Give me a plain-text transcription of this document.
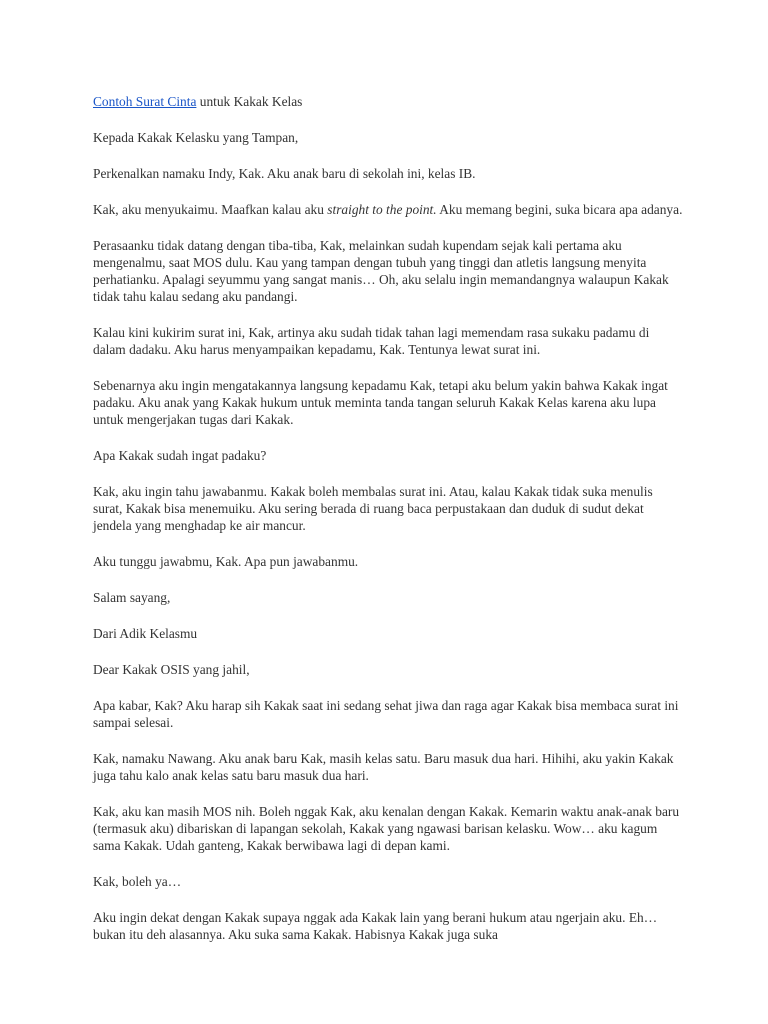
Contoh Surat Cinta untuk Kakak Kelas

Kepada Kakak Kelasku yang Tampan,

Perkenalkan namaku Indy, Kak. Aku anak baru di sekolah ini, kelas IB.

Kak, aku menyukaimu. Maafkan kalau aku straight to the point. Aku memang begini, suka bicara apa adanya.

Perasaanku tidak datang dengan tiba-tiba, Kak, melainkan sudah kupendam sejak kali pertama aku mengenalmu, saat MOS dulu. Kau yang tampan dengan tubuh yang tinggi dan atletis langsung menyita perhatianku. Apalagi seyummu yang sangat manis… Oh, aku selalu ingin memandangnya walaupun Kakak tidak tahu kalau sedang aku pandangi.

Kalau kini kukirim surat ini, Kak, artinya aku sudah tidak tahan lagi memendam rasa sukaku padamu di dalam dadaku. Aku harus menyampaikan kepadamu, Kak. Tentunya lewat surat ini.

Sebenarnya aku ingin mengatakannya langsung kepadamu Kak, tetapi aku belum yakin bahwa Kakak ingat padaku. Aku anak yang Kakak hukum untuk meminta tanda tangan seluruh Kakak Kelas karena aku lupa untuk mengerjakan tugas dari Kakak.

Apa Kakak sudah ingat padaku?

Kak, aku ingin tahu jawabanmu. Kakak boleh membalas surat ini. Atau, kalau Kakak tidak suka menulis surat, Kakak bisa menemuiku. Aku sering berada di ruang baca perpustakaan dan duduk di sudut dekat jendela yang menghadap ke air mancur.

Aku tunggu jawabmu, Kak. Apa pun jawabanmu.

Salam sayang,

Dari Adik Kelasmu

Dear Kakak OSIS yang jahil,

Apa kabar, Kak? Aku harap sih Kakak saat ini sedang sehat jiwa dan raga agar Kakak bisa membaca surat ini sampai selesai.

Kak, namaku Nawang. Aku anak baru Kak, masih kelas satu. Baru masuk dua hari. Hihihi, aku yakin Kakak juga tahu kalo anak kelas satu baru masuk dua hari.

Kak, aku kan masih MOS nih. Boleh nggak Kak, aku kenalan dengan Kakak. Kemarin waktu anak-anak baru (termasuk aku) dibariskan di lapangan sekolah, Kakak yang ngawasi barisan kelasku. Wow… aku kagum sama Kakak. Udah ganteng, Kakak berwibawa lagi di depan kami.

Kak, boleh ya…

Aku ingin dekat dengan Kakak supaya nggak ada Kakak lain yang berani hukum atau ngerjain aku. Eh… bukan itu deh alasannya. Aku suka sama Kakak. Habisnya Kakak juga suka
